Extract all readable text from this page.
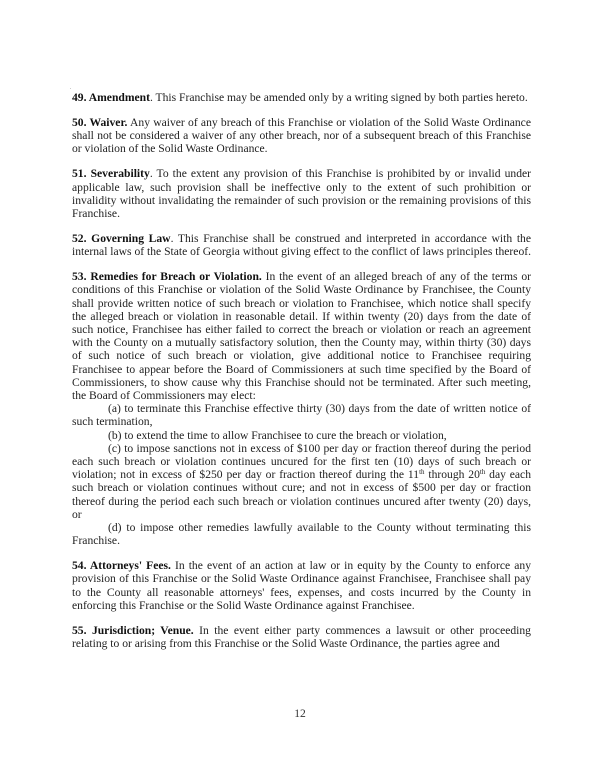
49. Amendment. This Franchise may be amended only by a writing signed by both parties hereto.

50. Waiver. Any waiver of any breach of this Franchise or violation of the Solid Waste Ordinance shall not be considered a waiver of any other breach, nor of a subsequent breach of this Franchise or violation of the Solid Waste Ordinance.

51. Severability. To the extent any provision of this Franchise is prohibited by or invalid under applicable law, such provision shall be ineffective only to the extent of such prohibition or invalidity without invalidating the remainder of such provision or the remaining provisions of this Franchise.

52. Governing Law. This Franchise shall be construed and interpreted in accordance with the internal laws of the State of Georgia without giving effect to the conflict of laws principles thereof.

53. Remedies for Breach or Violation. In the event of an alleged breach of any of the terms or conditions of this Franchise or violation of the Solid Waste Ordinance by Franchisee, the County shall provide written notice of such breach or violation to Franchisee, which notice shall specify the alleged breach or violation in reasonable detail. If within twenty (20) days from the date of such notice, Franchisee has either failed to correct the breach or violation or reach an agreement with the County on a mutually satisfactory solution, then the County may, within thirty (30) days of such notice of such breach or violation, give additional notice to Franchisee requiring Franchisee to appear before the Board of Commissioners at such time specified by the Board of Commissioners, to show cause why this Franchise should not be terminated. After such meeting, the Board of Commissioners may elect:

(a) to terminate this Franchise effective thirty (30) days from the date of written notice of such termination,

(b) to extend the time to allow Franchisee to cure the breach or violation,

(c) to impose sanctions not in excess of $100 per day or fraction thereof during the period each such breach or violation continues uncured for the first ten (10) days of such breach or violation; not in excess of $250 per day or fraction thereof during the 11th through 20th day each such breach or violation continues without cure; and not in excess of $500 per day or fraction thereof during the period each such breach or violation continues uncured after twenty (20) days, or

(d) to impose other remedies lawfully available to the County without terminating this Franchise.

54. Attorneys' Fees. In the event of an action at law or in equity by the County to enforce any provision of this Franchise or the Solid Waste Ordinance against Franchisee, Franchisee shall pay to the County all reasonable attorneys' fees, expenses, and costs incurred by the County in enforcing this Franchise or the Solid Waste Ordinance against Franchisee.

55. Jurisdiction; Venue. In the event either party commences a lawsuit or other proceeding relating to or arising from this Franchise or the Solid Waste Ordinance, the parties agree and

12
